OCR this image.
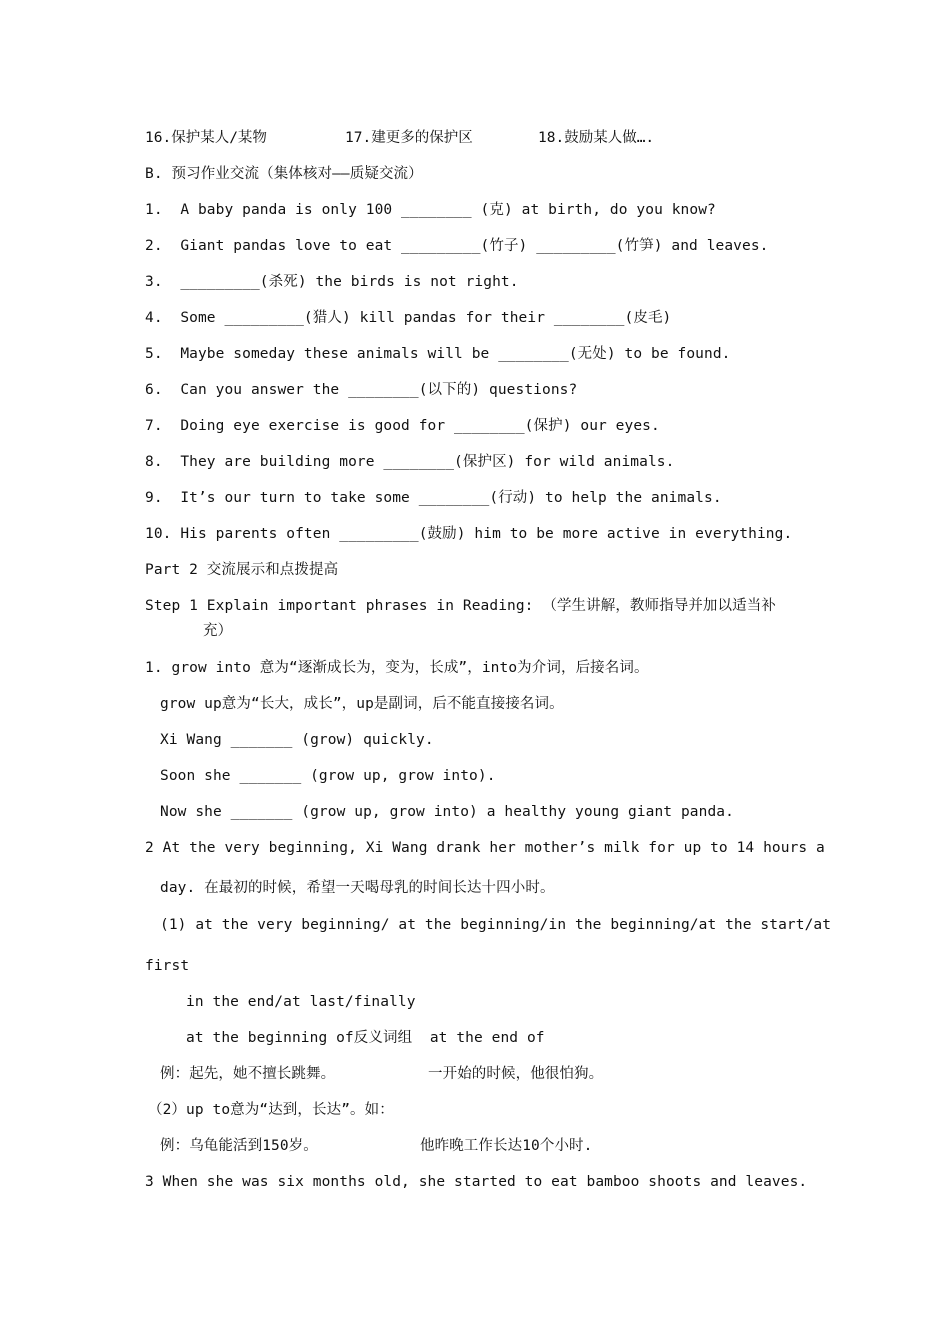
16.保护某人/某物	17.建更多的保护区	18.鼓励某人做….
B. 预习作业交流（集体核对——质疑交流）
1.  A baby panda is only 100 ________ (克) at birth, do you know?
2.  Giant pandas love to eat _________(竹子) _________(竹笋) and leaves.
3.  _________(杀死) the birds is not right.
4.  Some _________(猎人) kill pandas for their ________(皮毛)
5.  Maybe someday these animals will be ________(无处) to be found.
6.  Can you answer the ________(以下的) questions?
7.  Doing eye exercise is good for ________(保护) our eyes.
8.  They are building more ________(保护区) for wild animals.
9.  It’s our turn to take some ________(行动) to help the animals.
10. His parents often _________(鼓励) him to be more active in everything.
Part 2 交流展示和点拨提高
Step 1 Explain important phrases in Reading: （学生讲解，教师指导并加以适当补
充）
1. grow into 意为“逐渐成长为，变为，长成”，into为介词，后接名词。
grow up意为“长大，成长”，up是副词，后不能直接接名词。
Xi Wang _______ (grow) quickly.
Soon she _______ (grow up, grow into).
Now she _______ (grow up, grow into) a healthy young giant panda.
2 At the very beginning, Xi Wang drank her mother’s milk for up to 14 hours a
day. 在最初的时候，希望一天喝母乳的时间长达十四小时。
(1) at the very beginning/ at the beginning/in the beginning/at the start/at
first
in the end/at last/finally
at the beginning of反义词组  at the end of
例：起先，她不擅长跳舞。	一开始的时候，他很怕狗。
（2）up to意为“达到，长达”。如：
例：乌龟能活到150岁。	他昨晚工作长达10个小时.
3 When she was six months old, she started to eat bamboo shoots and leaves.
